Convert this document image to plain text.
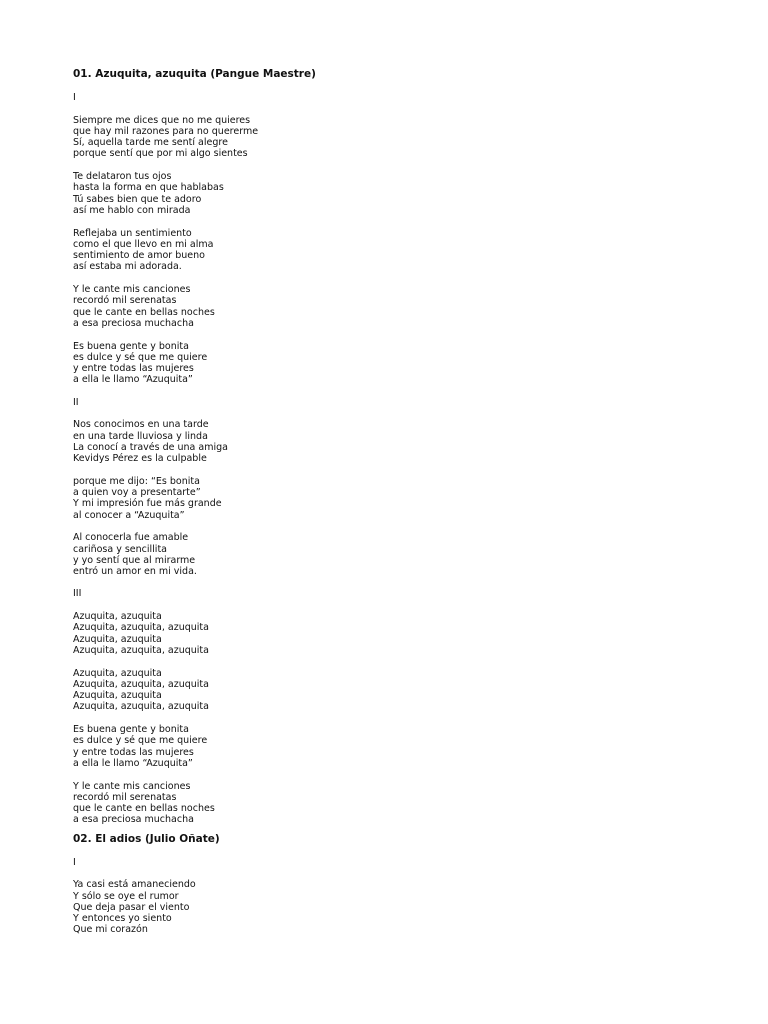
01. Azuquita, azuquita (Pangue Maestre)
I
Siempre me dices que no me quieres
que hay mil razones para no quererme
Sí, aquella tarde me sentí alegre
porque sentí que por mi algo sientes
Te delataron tus ojos
hasta la forma en que hablabas
Tú sabes bien que te adoro
así me hablo con mirada
Reflejaba un sentimiento
como el que llevo en mi alma
sentimiento de amor bueno
así estaba mi adorada.
Y le cante mis canciones
recordó mil serenatas
que le cante en bellas noches
a esa preciosa muchacha
Es buena gente y bonita
es dulce y sé que me quiere
y entre todas las mujeres
a ella le llamo “Azuquita”
II
Nos conocimos en una tarde
en una tarde lluviosa y linda
La conocí a través de una amiga
Kevidys Pérez es la culpable
porque me dijo: “Es bonita
a quien voy a presentarte”
Y mi impresión fue más grande
al conocer a “Azuquita”
Al conocerla fue amable
cariñosa y sencillita
y yo sentí que al mirarme
entró un amor en mi vida.
III
Azuquita, azuquita
Azuquita, azuquita, azuquita
Azuquita, azuquita
Azuquita, azuquita, azuquita
Azuquita, azuquita
Azuquita, azuquita, azuquita
Azuquita, azuquita
Azuquita, azuquita, azuquita
Es buena gente y bonita
es dulce y sé que me quiere
y entre todas las mujeres
a ella le llamo “Azuquita”
Y le cante mis canciones
recordó mil serenatas
que le cante en bellas noches
a esa preciosa muchacha
02. El adios (Julio Oñate)
I
Ya casi está amaneciendo
Y sólo se oye el rumor
Que deja pasar el viento
Y entonces yo siento
Que mi corazón
